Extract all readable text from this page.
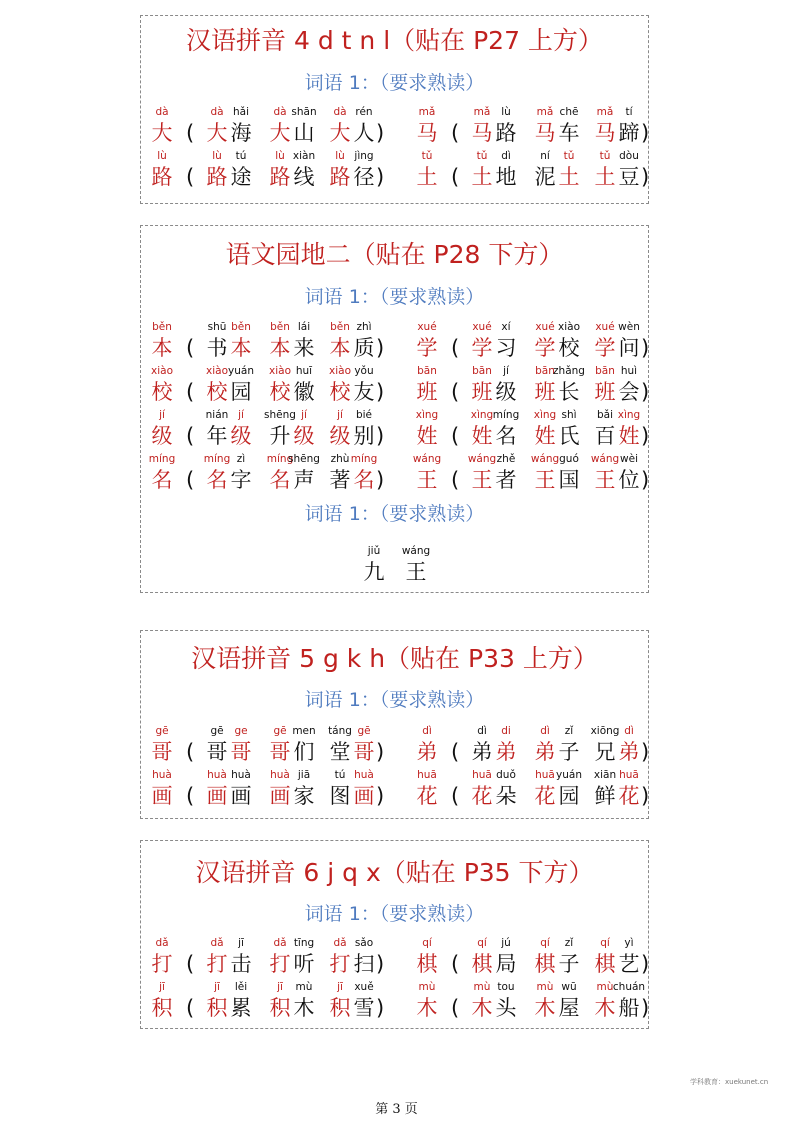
汉语拼音 4 d t n l（贴在 P27 上方）
词语 1：（要求熟读）
dà
大 (
dà
大
hǎi
海
dà
大
shān
山
dà
大
rén
人 )
mǎ
马 (
mǎ
马
lù
路
mǎ
马
chē
车
mǎ
马
tí
蹄 )
lù
路 (
lù
路
tú
途
lù
路
xiàn
线
lù
路
jìng
径 )
tǔ
土 (
tǔ
土
dì
地
ní
泥
tǔ
土
tǔ
土
dòu
豆 )
语文园地二（贴在 P28 下方）
词语 1：（要求熟读）
běn
本 (
shū
书
běn
本
běn
本
lái
来
běn
本
zhì
质 )
xué
学 (
xué
学
xí
习
xué
学
xiào
校
xué
学
wèn
问 )
xiào
校 (
xiào
校
yuán
园
xiào
校
huī
徽
xiào
校
yǒu
友 )
bān
班 (
bān
班
jí
级
bān
班
zhǎng
长
bān
班
huì
会 )
jí
级 (
nián
年
jí
级
shēng
升
jí
级
jí
级
bié
别 )
xìng
姓 (
xìng
姓
míng
名
xìng
姓
shì
氏
bǎi
百
xìng
姓 )
míng
名 (
míng
名
zì
字
míng
名
shēng
声
zhù
著
míng
名 )
wáng
王 (
wáng
王
zhě
者
wáng
王
guó
国
wáng
王
wèi
位 )
词语 1：（要求熟读）
jiǔ
九
wáng
王
汉语拼音 5 g k h（贴在 P33 上方）
词语 1：（要求熟读）
gē
哥 (
gē
哥
ge
哥
gē
哥
men
们
táng
堂
gē
哥 )
dì
弟 (
dì
弟
di
弟
dì
弟
zǐ
子
xiōng
兄
dì
弟 )
huà
画 (
huà
画
huà
画
huà
画
jiā
家
tú
图
huà
画 )
huā
花 (
huā
花
duǒ
朵
huā
花
yuán
园
xiān
鲜
huā
花 )
汉语拼音 6 j q x（贴在 P35 下方）
词语 1：（要求熟读）
dǎ
打 (
dǎ
打
jī
击
dǎ
打
tīng
听
dǎ
打
sǎo
扫 )
qí
棋 (
qí
棋
jú
局
qí
棋
zǐ
子
qí
棋
yì
艺 )
jī
积 (
jī
积
lěi
累
jī
积
mù
木
jī
积
xuě
雪 )
mù
木 (
mù
木
tou
头
mù
木
wū
屋
mù
木
chuán
船 )
学科教育：xuekunet.cn
第 3 页
